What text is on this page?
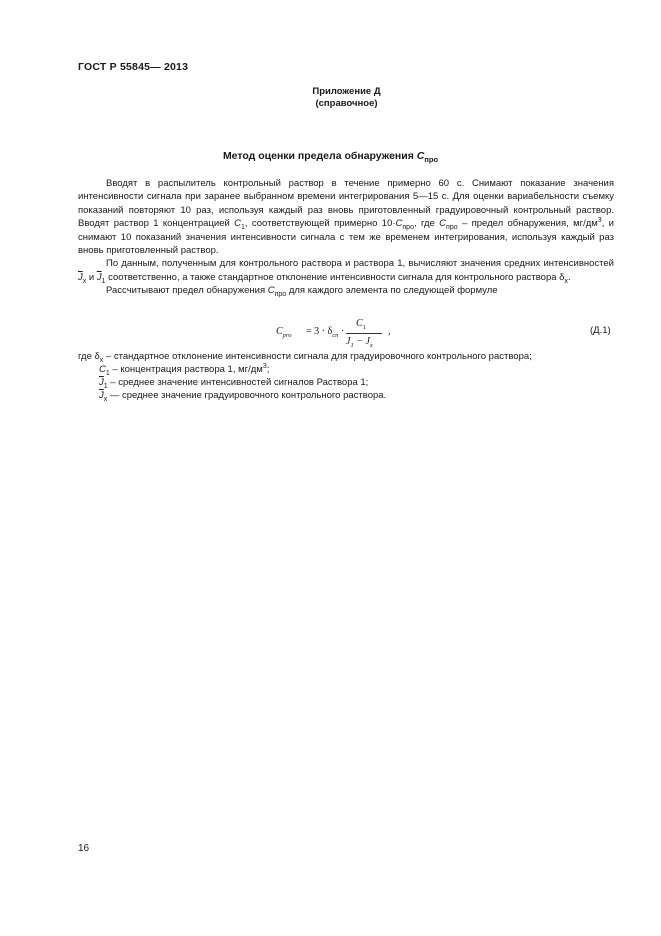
ГОСТ Р 55845— 2013
Приложение Д
(справочное)
Метод оценки предела обнаружения $С_{про}$

Вводят в распылитель контрольный раствор в течение примерно 60 с. Снимают показание значения интенсивности сигнала при заранее выбранном времени интегрирования 5—15 с. Для оценки вариабельности съемку показаний повторяют 10 раз, используя каждый раз вновь приготовленный градуировочный контрольный раствор. Вводят раствор 1 концентрацией $С_1$, соответствующей примерно $10\cdot С_{про}$, где $С_{про}$ – предел обнаружения, $мг/дм^3$, и снимают 10 показаний значения интенсивности сигнала с тем же временем интегрирования, используя каждый раз вновь приготовленный раствор.

По данным, полученным для контрольного раствора и раствора 1, вычисляют значения средних интенсивностей $\overline{J}_x$ и $\overline{J}_1$ соответственно, а также стандартное отклонение интенсивности сигнала для контрольного раствора $\delta_x$.

Рассчитывают предел обнаружения $С_{про}$ для каждого элемента по следующей формуле

$C_{pro} = 3 \cdot \delta_{cn}$ ·
$C_1$
$J_1 - J_x$
,	(Д.1)
где $\delta_x$ – стандартное отклонение интенсивности сигнала для градуировочного контрольного раствора;
$С_1$ – концентрация раствора 1, $мг/дм^3$;
$\overline{J}_1$ – среднее значение интенсивностей сигналов Раствора 1;
$\overline{J}_x$ — среднее значение градуировочного контрольного раствора.
16
